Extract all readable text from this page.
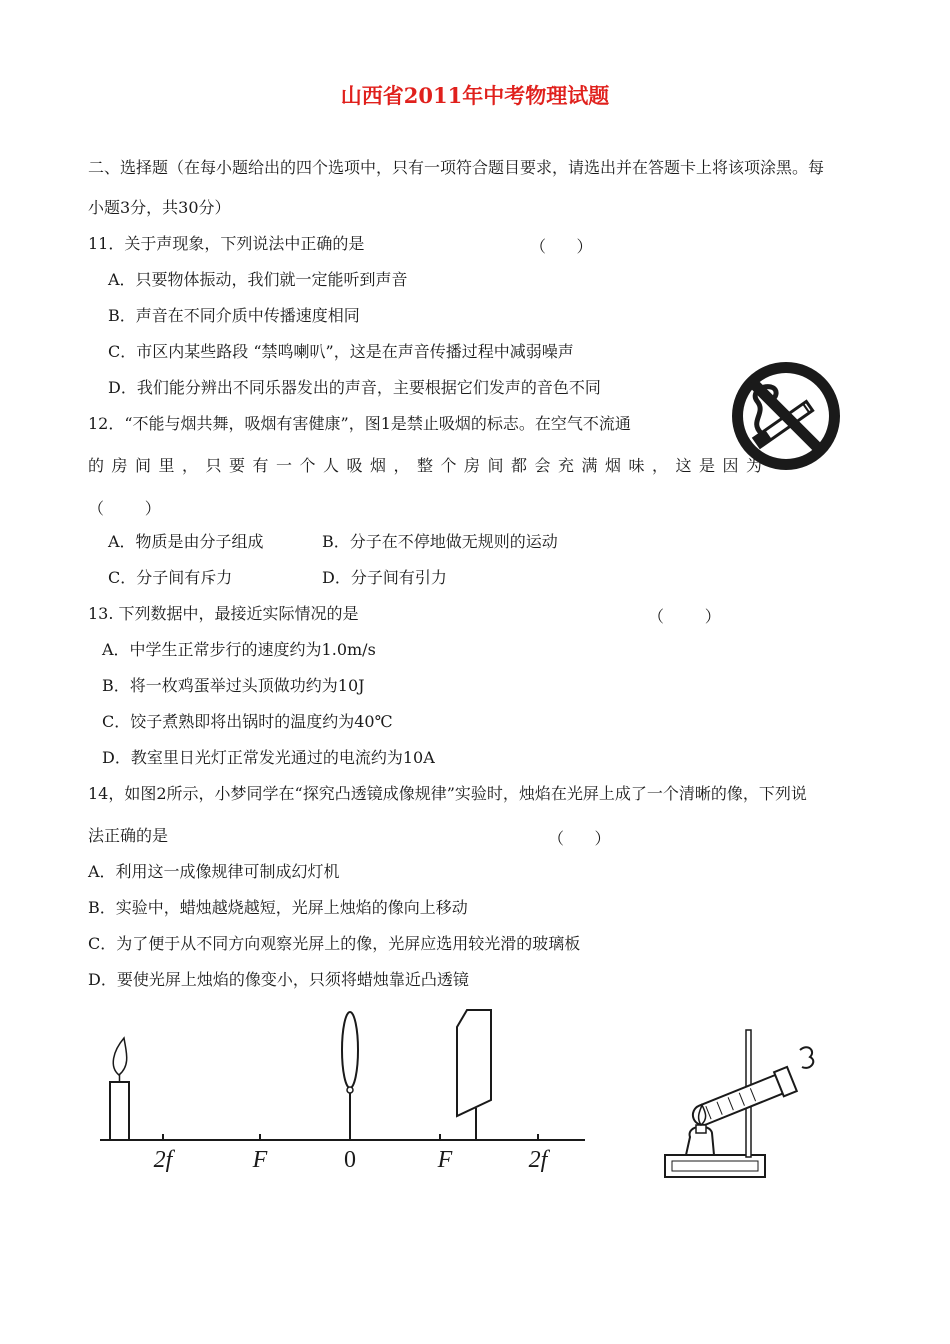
山西省2011年中考物理试题
二、选择题（在每小题给出的四个选项中，只有一项符合题目要求，请选出并在答题卡上将该项涂黑。每
小题3分，共30分）
11．关于声现象，下列说法中正确的是	（      ）
A．只要物体振动，我们就一定能听到声音
B．声音在不同介质中传播速度相同
C．市区内某些路段 “禁鸣喇叭”，这是在声音传播过程中减弱噪声
D．我们能分辨出不同乐器发出的声音，主要根据它们发声的音色不同
12．“不能与烟共舞，吸烟有害健康”，图1是禁止吸烟的标志。在空气不流通
的房间里，只要有一个人吸烟，整个房间都会充满烟味，这是因为
（        ）
A．物质是由分子组成	B．分子在不停地做无规则的运动
C．分子间有斥力	D．分子间有引力
13. 下列数据中，最接近实际情况的是	（        ）
A．中学生正常步行的速度约为1.0m/s
B．将一枚鸡蛋举过头顶做功约为10J
C．饺子煮熟即将出锅时的温度约为40℃
D．教室里日光灯正常发光通过的电流约为10A
14，如图2所示，小梦同学在“探究凸透镜成像规律”实验时，烛焰在光屏上成了一个清晰的像，下列说
法正确的是	（      ）
A．利用这一成像规律可制成幻灯机
B．实验中，蜡烛越烧越短，光屏上烛焰的像向上移动
C．为了便于从不同方向观察光屏上的像，光屏应选用较光滑的玻璃板
D．要使光屏上烛焰的像变小，只须将蜡烛靠近凸透镜
2f	F	0	F	2f
